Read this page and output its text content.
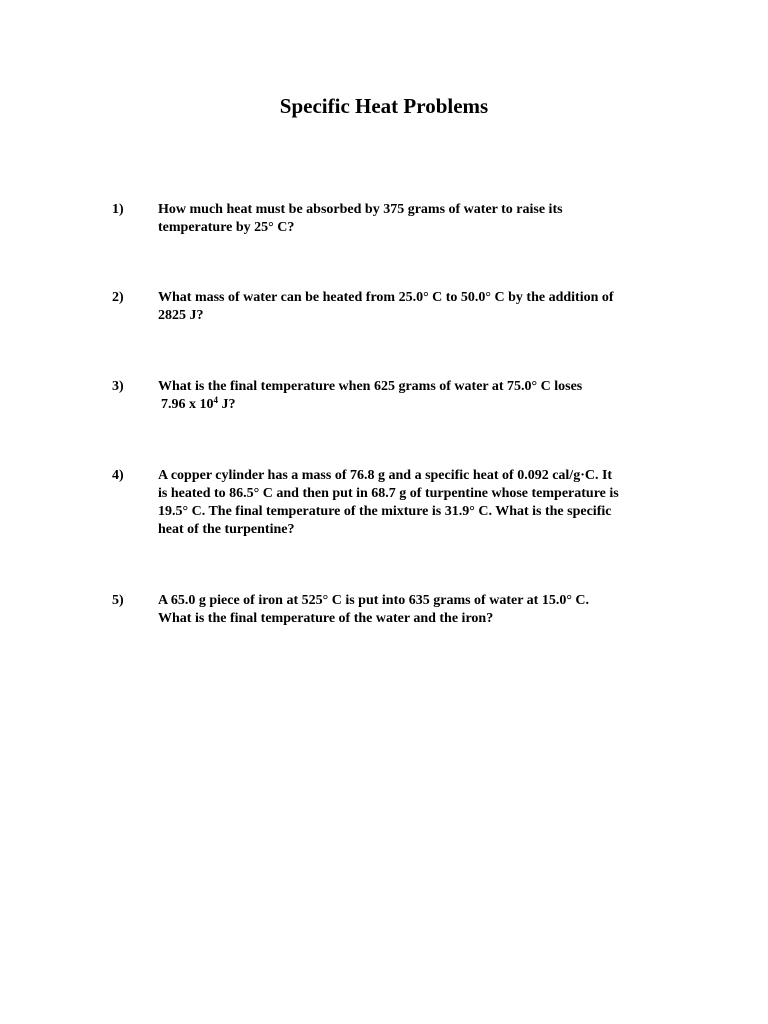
Specific Heat Problems
1) How much heat must be absorbed by 375 grams of water to raise its
temperature by 25° C?
2) What mass of water can be heated from 25.0° C to 50.0° C by the addition of
2825 J?
3) What is the final temperature when 625 grams of water at 75.0° C loses
7.96 x $10^4$ J?
4) A copper cylinder has a mass of 76.8 g and a specific heat of 0.092 cal/g·C. It
is heated to 86.5° C and then put in 68.7 g of turpentine whose temperature is
19.5° C. The final temperature of the mixture is 31.9° C. What is the specific
heat of the turpentine?
5) A 65.0 g piece of iron at 525° C is put into 635 grams of water at 15.0° C.
What is the final temperature of the water and the iron?
